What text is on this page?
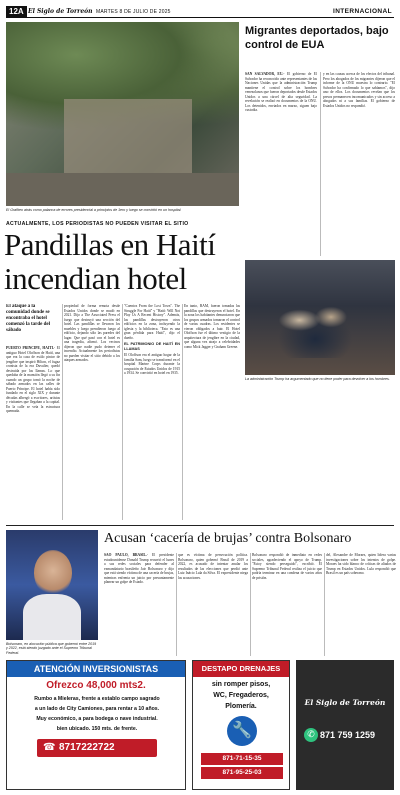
12A El Siglo de Torreón MARTES 8 DE JULIO DE 2025	INTERNACIONAL
El Grafiteo atrás como palanca de errores presidencial a principios de 1ero y luego se convirtió en un hospital.
Migrantes deportados, bajo control de EUA
SAN SALVADOR, EU.- El gobierno de El Salvador ha reconocido ante representantes de las Naciones Unidas que la administración Trump mantiene el control sobre los hombres venezolanos que fueron deportados desde Estados Unidos a una cárcel de alta seguridad. La revelación se realizó en documentos de la ONU. Los detenidos, enviados en marzo, siguen bajo custodia.
y en las causas acerca de los efectos del tribunal. Pero los abogados de los migrantes dijeron que el informe de la ONU muestra lo contrario. "El Salvador ha confirmado lo que sabíamos", dijo uno de ellos. Los documentos revelan que los presos permanecen incomunicados y sin acceso a abogados ni a sus familias. El gobierno de Estados Unidos no respondió.
La administración Trump ha argumentado que no tiene poder para devolver a los hombres.
ACTUALMENTE, LOS PERIODISTAS NO PUEDEN VISITAR EL SITIO
Pandillas en Haití
incendian hotel
El ataque a la comunidad donde se encontraba el hotel comenzó la tarde del sábado
PUERTO PRÍNCIPE, HAITÍ.- El antiguo Hotel Oloffson de Haití, una que era la casa de estilo pintor de jengibre que inspiró Hilton, el fugaz cronista de la era Duvalier, quedó destruida por las llamas. Lo que quedaba de la mansión llegó a su fin cuando un grupo tomó la noche de sábado armados en las calles de Puerto Príncipe. El hotel había sido fundado en el siglo XIX y durante décadas albergó a escritores, artistas y visitantes que llegaban a la capital. En la calle se veía la estructura quemada.
propiedad de forma remota desde Estados Unidos donde se mudó en 2021. Dijo a The Associated Press el fuego que destruyó una sección del hotel. Las pandillas se llevaron los muebles y luego prendieron fuego al edificio, dejando sólo las paredes del lugar. Que qué pasó con el hotel es una tragedia, afirmó. Los vecinos dijeron que nadie pudo detener el incendio. Actualmente los periodistas no pueden visitar el sitio debido a los ataques armados.
"Cuentos From the Lost Town". The Struggle For Haití" y "Haití: Will Not Play Us A Recent History". Además, las pandillas destruyeron otros edificios en la zona, incluyendo la iglesia y la biblioteca. "Esto es una gran pérdida para Haití", dijo el dueño.
EL PATRIMONIO DE HAITÍ EN LLAMAS
El Oloffson era el antiguo hogar de la familia Sam, luego se transformó en el hospital Marine Corps durante la ocupación de Estados Unidos de 1915 a 1934. Se convirtió en hotel en 1935.
En tanto, BAM, fueron tomadas las pandillas que destruyeron el hotel. En la zona los habitantes denunciaron que los grupos armados tomaron el control de varias cuadras. Los residentes se vieron obligados a huir. El Hotel Oloffson fue el último vestigio de la arquitectura de jengibre en la ciudad, que alguna vez atrajo a celebridades como Mick Jagger y Graham Greene.
Bolsonaro, en alocución pública que gobernó entre 2019 y 2022, está siendo juzgado ante el Supremo Tribunal Federal.
Acusan ‘cacería de brujas’ contra Bolsonaro
SAO PAULO, BRASIL.- El presidente estadounidense Donald Trump recurrió el lunes a sus redes sociales para defender al exmandatario brasileño Jair Bolsonaro y dijo que está siendo víctima de una cacería de brujas, mientras enfrenta un juicio por presuntamente planear un golpe de Estado.
que es víctima de persecución política. Bolsonaro, quien gobernó Brasil de 2019 a 2022, es acusado de intentar anular los resultados de las elecciones que perdió ante Luiz Inácio Lula da Silva. El expresidente niega las acusaciones.
Bolsonaro respondió de inmediato en redes sociales, agradeciendo el apoyo de Trump. "Estoy siendo perseguido", escribió. El Supremo Tribunal Federal realiza el juicio que podría terminar en una condena de varios años de prisión.
del, Alexandre de Moraes, quien lidera varias investigaciones sobre los intentos de golpe. Moraes ha sido blanco de críticas de aliados de Trump en Estados Unidos. Lula respondió que Brasil es un país soberano.
ATENCIÓN INVERSIONISTAS
Ofrezco 48,000 mts2.
Rumbo a Mieleras, frente a establo campo sagrado
a un lado de City Camiones, para rentar a 10 años.
Muy económico, a para bodega o nave industrial.
bien ubicado. 150 mts. de frente.
☎ 8717222722
DESTAPO DRENAJES
sin romper pisos,
WC, Fregaderos,
Plomería.
🔧
871-71-15-35
871-95-25-03
El Siglo de Torreón
✆ 871 759 1259
